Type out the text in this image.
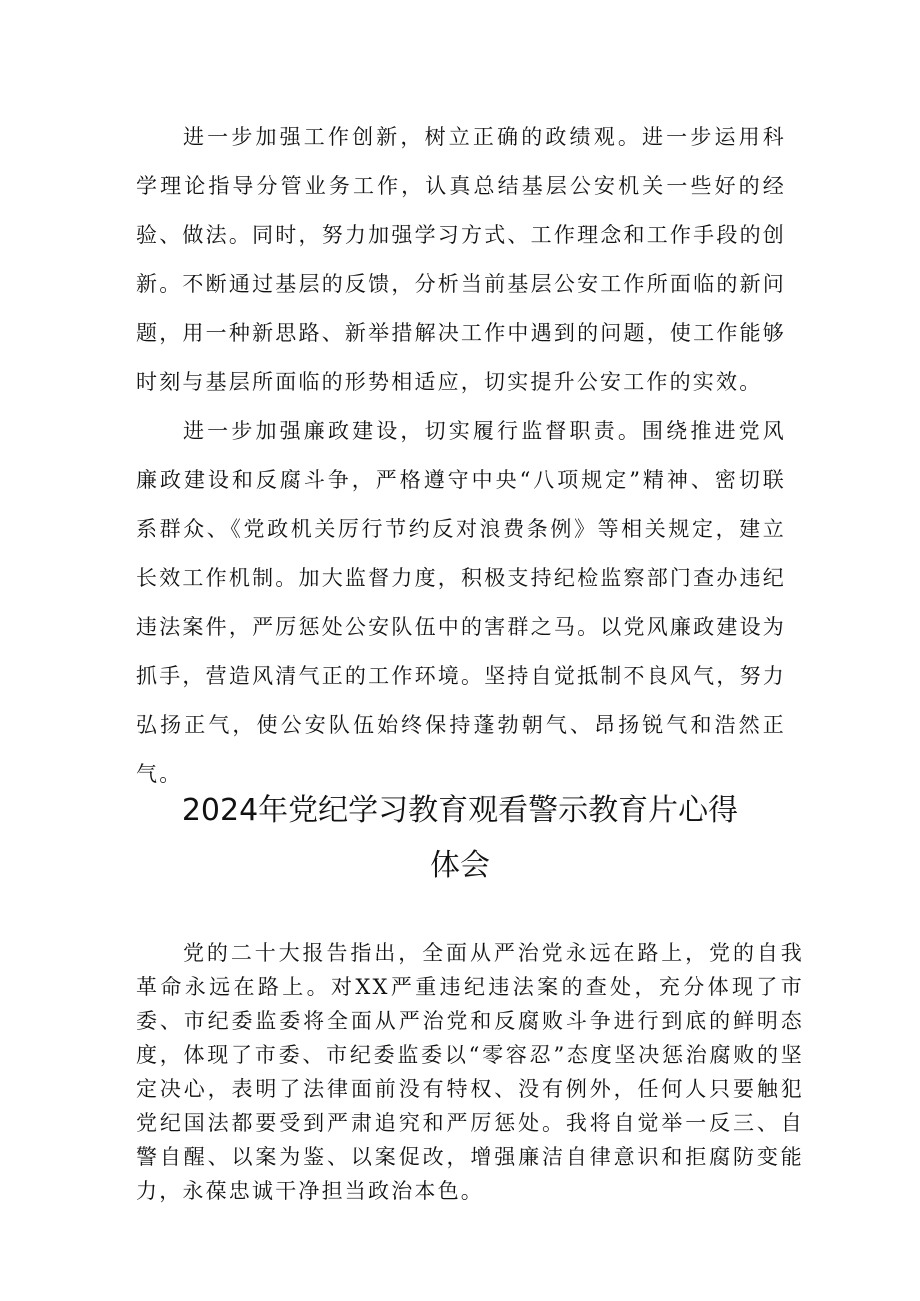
进一步加强工作创新，树立正确的政绩观。进一步运用科学理论指导分管业务工作，认真总结基层公安机关一些好的经验、做法。同时，努力加强学习方式、工作理念和工作手段的创新。不断通过基层的反馈，分析当前基层公安工作所面临的新问题，用一种新思路、新举措解决工作中遇到的问题，使工作能够时刻与基层所面临的形势相适应，切实提升公安工作的实效。

进一步加强廉政建设，切实履行监督职责。围绕推进党风廉政建设和反腐斗争，严格遵守中央“八项规定”精神、密切联系群众、《党政机关厉行节约反对浪费条例》等相关规定，建立长效工作机制。加大监督力度，积极支持纪检监察部门查办违纪违法案件，严厉惩处公安队伍中的害群之马。以党风廉政建设为抓手，营造风清气正的工作环境。坚持自觉抵制不良风气，努力弘扬正气，使公安队伍始终保持蓬勃朝气、昂扬锐气和浩然正气。

2024年党纪学习教育观看警示教育片心得
体会

党的二十大报告指出，全面从严治党永远在路上，党的自我革命永远在路上。对XX严重违纪违法案的查处，充分体现了市委、市纪委监委将全面从严治党和反腐败斗争进行到底的鲜明态度，体现了市委、市纪委监委以“零容忍”态度坚决惩治腐败的坚定决心，表明了法律面前没有特权、没有例外，任何人只要触犯党纪国法都要受到严肃追究和严厉惩处。我将自觉举一反三、自警自醒、以案为鉴、以案促改，增强廉洁自律意识和拒腐防变能力，永葆忠诚干净担当政治本色。
